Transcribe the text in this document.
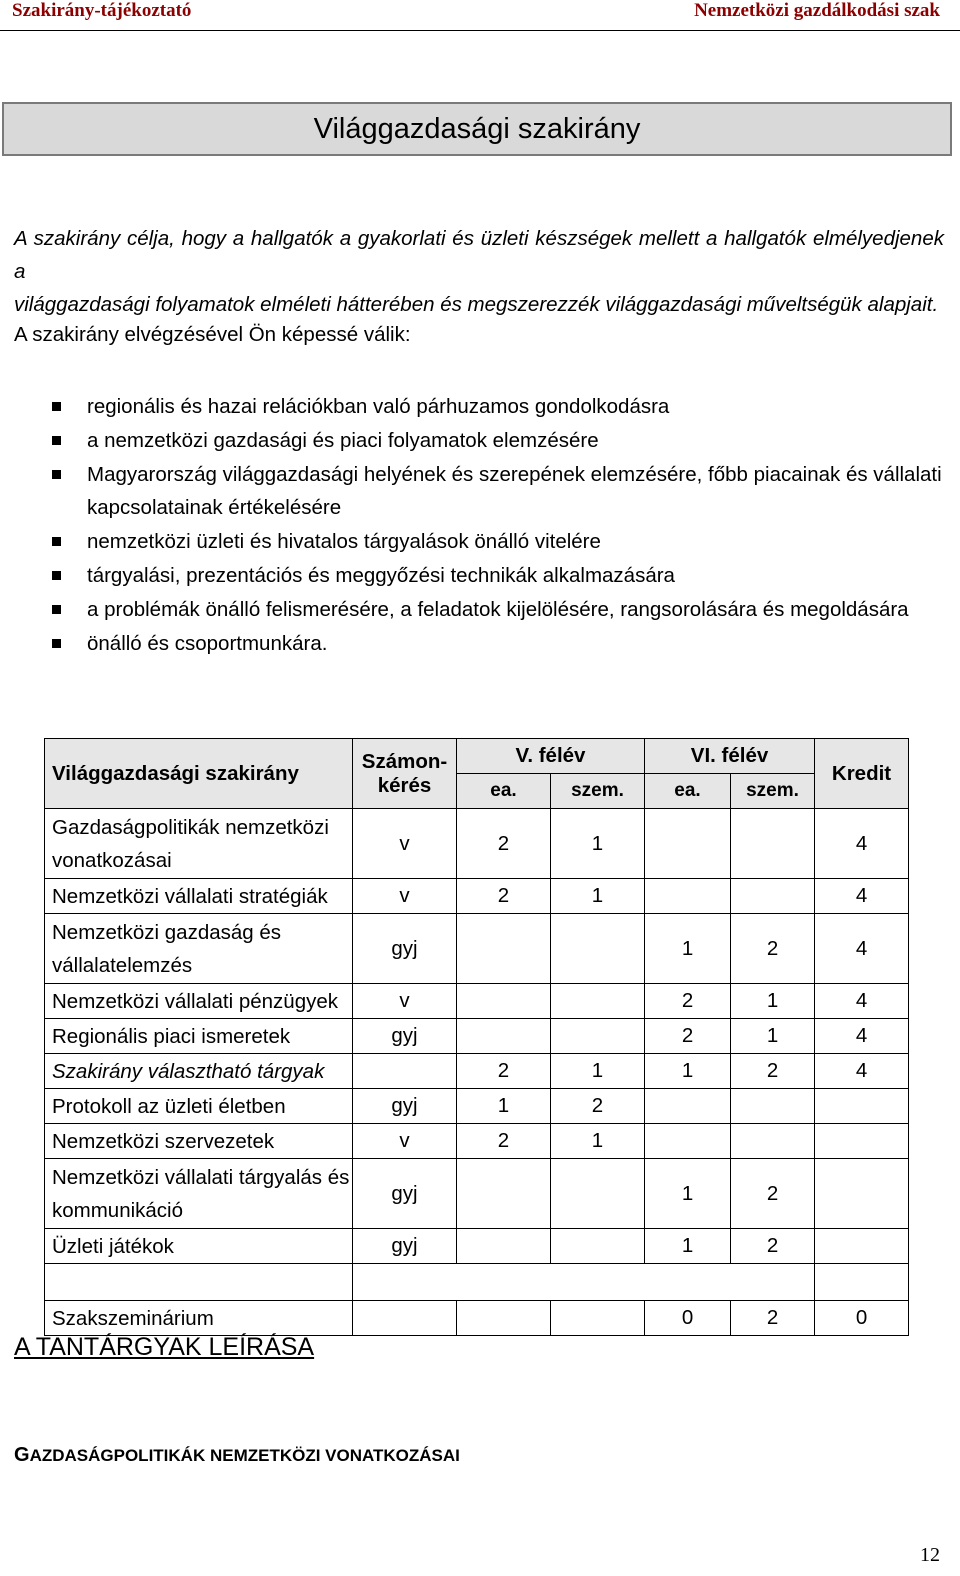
Szakirány-tájékoztató	Nemzetközi gazdálkodási szak
Világgazdasági szakirány
A szakirány célja, hogy a hallgatók a gyakorlati és üzleti készségek mellett a hallgatók elmélyedjenek a
világgazdasági folyamatok elméleti hátterében és megszerezzék világgazdasági műveltségük alapjait.
A szakirány elvégzésével Ön képessé válik:
regionális és hazai relációkban való párhuzamos gondolkodásra
a nemzetközi gazdasági és piaci folyamatok elemzésére
Magyarország világgazdasági helyének és szerepének elemzésére, főbb piacainak és vállalati kapcsolatainak értékelésére
nemzetközi üzleti és hivatalos tárgyalások önálló vitelére
tárgyalási, prezentációs és meggyőzési technikák alkalmazására
a problémák önálló felismerésére, a feladatok kijelölésére, rangsorolására és megoldására
önálló és csoportmunkára.
Világgazdasági szakirány	Számon-
kérés	V. félév		VI. félév		Kredit
		ea.	szem.	ea.	szem.	

Gazdaságpolitikák nemzetközi
vonatkozásai	v	2	1			4
Nemzetközi vállalati stratégiák	v	2	1			4

Nemzetközi gazdaság és
vállalatelemzés	gyj			1	2	4
Nemzetközi vállalati pénzügyek	v			2	1	4
Regionális piaci ismeretek	gyj			2	1	4
Szakirány választható tárgyak		2	1	1	2	4
Protokoll az üzleti életben	gyj	1	2			
Nemzetközi szervezetek	v	2	1			

Nemzetközi vállalati tárgyalás és
kommunikáció	gyj			1	2	
Üzleti játékok	gyj			1	2	

Szakszeminárium				0	2	0
A TANTÁRGYAK LEÍRÁSA
GAZDASÁGPOLITIKÁK NEMZETKÖZI VONATKOZÁSAI
12
